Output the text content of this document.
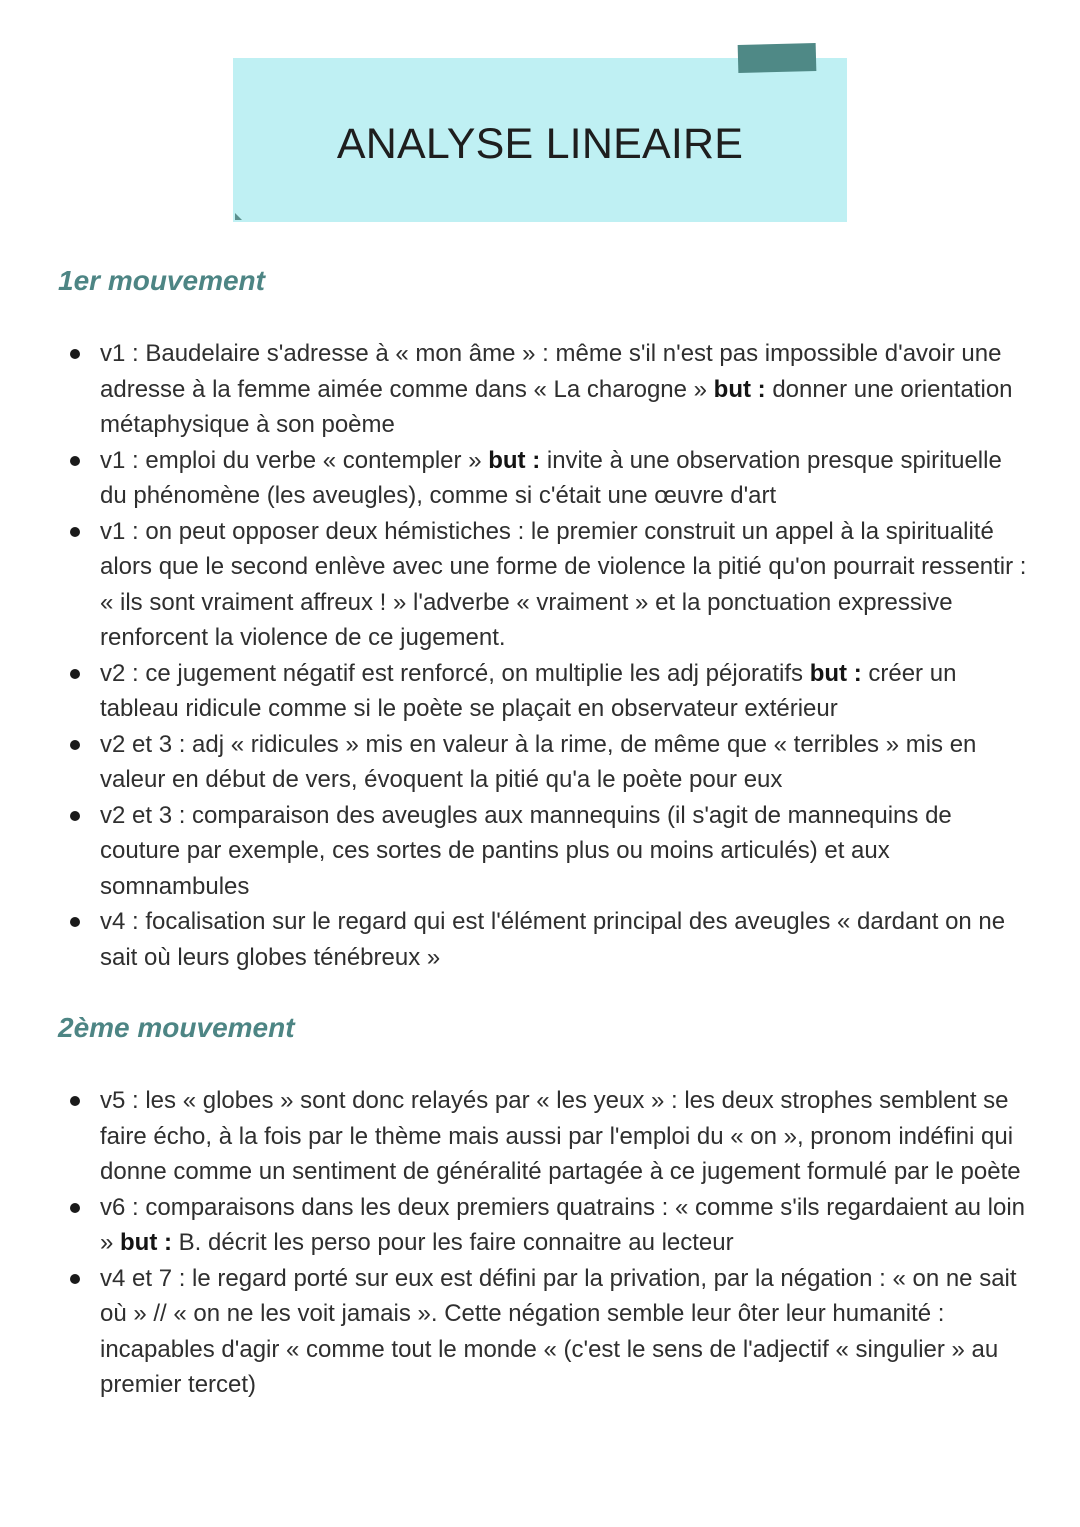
ANALYSE LINEAIRE
1er mouvement
v1 : Baudelaire s'adresse à « mon âme » : même s'il n'est pas impossible d'avoir une adresse à la femme aimée comme dans « La charogne » but : donner une orientation métaphysique à son poème
v1 : emploi du verbe « contempler » but : invite à une observation presque spirituelle du phénomène (les aveugles), comme si c'était une œuvre d'art
v1 : on peut opposer deux hémistiches : le premier construit un appel à la spiritualité alors que le second enlève avec une forme de violence la pitié qu'on pourrait ressentir : « ils sont vraiment affreux ! » l'adverbe « vraiment » et la ponctuation expressive renforcent la violence de ce jugement.
v2 : ce jugement négatif est renforcé, on multiplie les adj péjoratifs but : créer un tableau ridicule comme si le poète se plaçait en observateur extérieur
v2 et 3 : adj « ridicules » mis en valeur à la rime, de même que « terribles » mis en valeur en début de vers, évoquent la pitié qu'a le poète pour eux
v2 et 3 : comparaison des aveugles aux mannequins (il s'agit de mannequins de couture par exemple, ces sortes de pantins plus ou moins articulés) et aux somnambules
v4 : focalisation sur le regard qui est l'élément principal des aveugles « dardant on ne sait où leurs globes ténébreux »
2ème mouvement
v5 : les « globes » sont donc relayés par « les yeux » : les deux strophes semblent se faire écho, à la fois par le thème mais aussi par l'emploi du « on », pronom indéfini qui donne comme un sentiment de généralité partagée à ce jugement formulé par le poète
v6 : comparaisons dans les deux premiers quatrains : « comme s'ils regardaient au loin » but : B. décrit les perso pour les faire connaitre au lecteur
v4 et 7 : le regard porté sur eux est défini par la privation, par la négation : « on ne sait où » // « on ne les voit jamais ». Cette négation semble leur ôter leur humanité : incapables d'agir « comme tout le monde « (c'est le sens de l'adjectif « singulier » au premier tercet)
